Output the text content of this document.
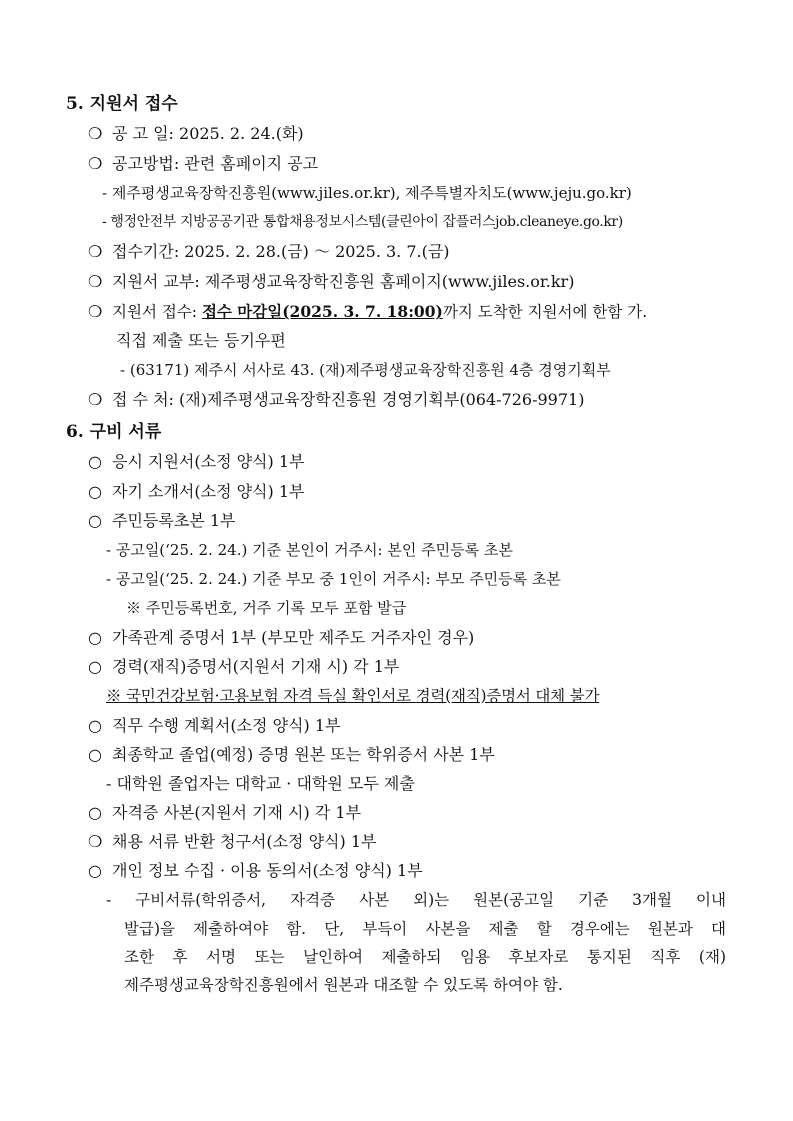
5. 지원서 접수
❍ 공 고 일: 2025. 2. 24.(화)
❍ 공고방법: 관련 홈페이지 공고
- 제주평생교육장학진흥원(www.jiles.or.kr), 제주특별자치도(www.jeju.go.kr)
- 행정안전부 지방공공기관 통합채용정보시스템(클린아이 잡플러스job.cleaneye.go.kr)
❍ 접수기간: 2025. 2. 28.(금) ～ 2025. 3. 7.(금)
❍ 지원서 교부: 제주평생교육장학진흥원 홈페이지(www.jiles.or.kr)
❍ 지원서 접수: 접수 마감일(2025. 3. 7. 18:00)까지 도착한 지원서에 한함 가.
직접 제출 또는 등기우편
- (63171) 제주시 서사로 43. (재)제주평생교육장학진흥원 4층 경영기획부
❍ 접 수 처: (재)제주평생교육장학진흥원 경영기획부(064-726-9971)
6. 구비 서류
○ 응시 지원서(소정 양식) 1부
○ 자기 소개서(소정 양식) 1부
○ 주민등록초본 1부
- 공고일(‘25. 2. 24.) 기준 본인이 거주시: 본인 주민등록 초본
- 공고일(‘25. 2. 24.) 기준 부모 중 1인이 거주시: 부모 주민등록 초본
※ 주민등록번호, 거주 기록 모두 포함 발급
○ 가족관계 증명서 1부 (부모만 제주도 거주자인 경우)
○ 경력(재직)증명서(지원서 기재 시) 각 1부
※ 국민건강보험·고용보험 자격 득실 확인서로 경력(재직)증명서 대체 불가
○ 직무 수행 계획서(소정 양식) 1부
○ 최종학교 졸업(예정) 증명 원본 또는 학위증서 사본 1부
- 대학원 졸업자는 대학교 · 대학원 모두 제출
○ 자격증 사본(지원서 기재 시) 각 1부
❍ 채용 서류 반환 청구서(소정 양식) 1부
○ 개인 정보 수집 · 이용 동의서(소정 양식) 1부
- 구비서류(학위증서, 자격증 사본 외)는 원본(공고일 기준 3개월 이내
발급)을 제출하여야 함. 단, 부득이 사본을 제출 할 경우에는 원본과 대
조한 후 서명 또는 날인하여 제출하되 임용 후보자로 통지된 직후 (재)
제주평생교육장학진흥원에서 원본과 대조할 수 있도록 하여야 함.
